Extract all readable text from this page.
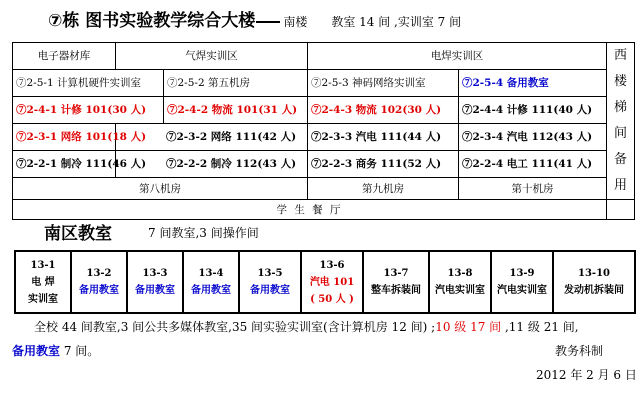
⑦栋 图书实验教学综合大楼 南楼 教室 14 间 ,实训室 7 间
电子器材库	气焊实训区		电焊实训区		西楼梯间备用
⑦2-5-1 计算机硬件实训室		⑦2-5-2 第五机房	⑦2-5-3 神码网络实训室	⑦2-5-4 备用教室	
⑦2-4-1 计修 101(30 人)		⑦2-4-2 物流 101(31 人)	⑦2-4-3 物流 102(30 人)	⑦2-4-4 计修 111(40 人)	
⑦2-3-1 网络 101(18 人)	⑦2-3-2 网络 111(42 人)		⑦2-3-3 汽电 111(44 人)	⑦2-3-4 汽电 112(43 人)	
⑦2-2-1 制冷 111(46 人)	⑦2-2-2 制冷 112(43 人)		⑦2-2-3 商务 111(52 人)	⑦2-2-4 电工 111(41 人)	
第八机房			第九机房	第十机房	
学 生 餐 厅					
南区教室	7 间教室,3 间操作间
13-1
电 焊
实训室	13-2
备用教室	13-3
备用教室	13-4
备用教室	13-5
备用教室	13-6
汽电 101
( 50 人 )	13-7
整车拆装间	13-8
汽电实训室	13-9
汽电实训室	13-10
发动机拆装间
全校 44 间教室,3 间公共多媒体教室,35 间实验实训室(含计算机房 12 间) ;10 级 17 间 ,11 级 21 间,
备用教室 7 间。	教务科制
2012 年 2 月 6 日
